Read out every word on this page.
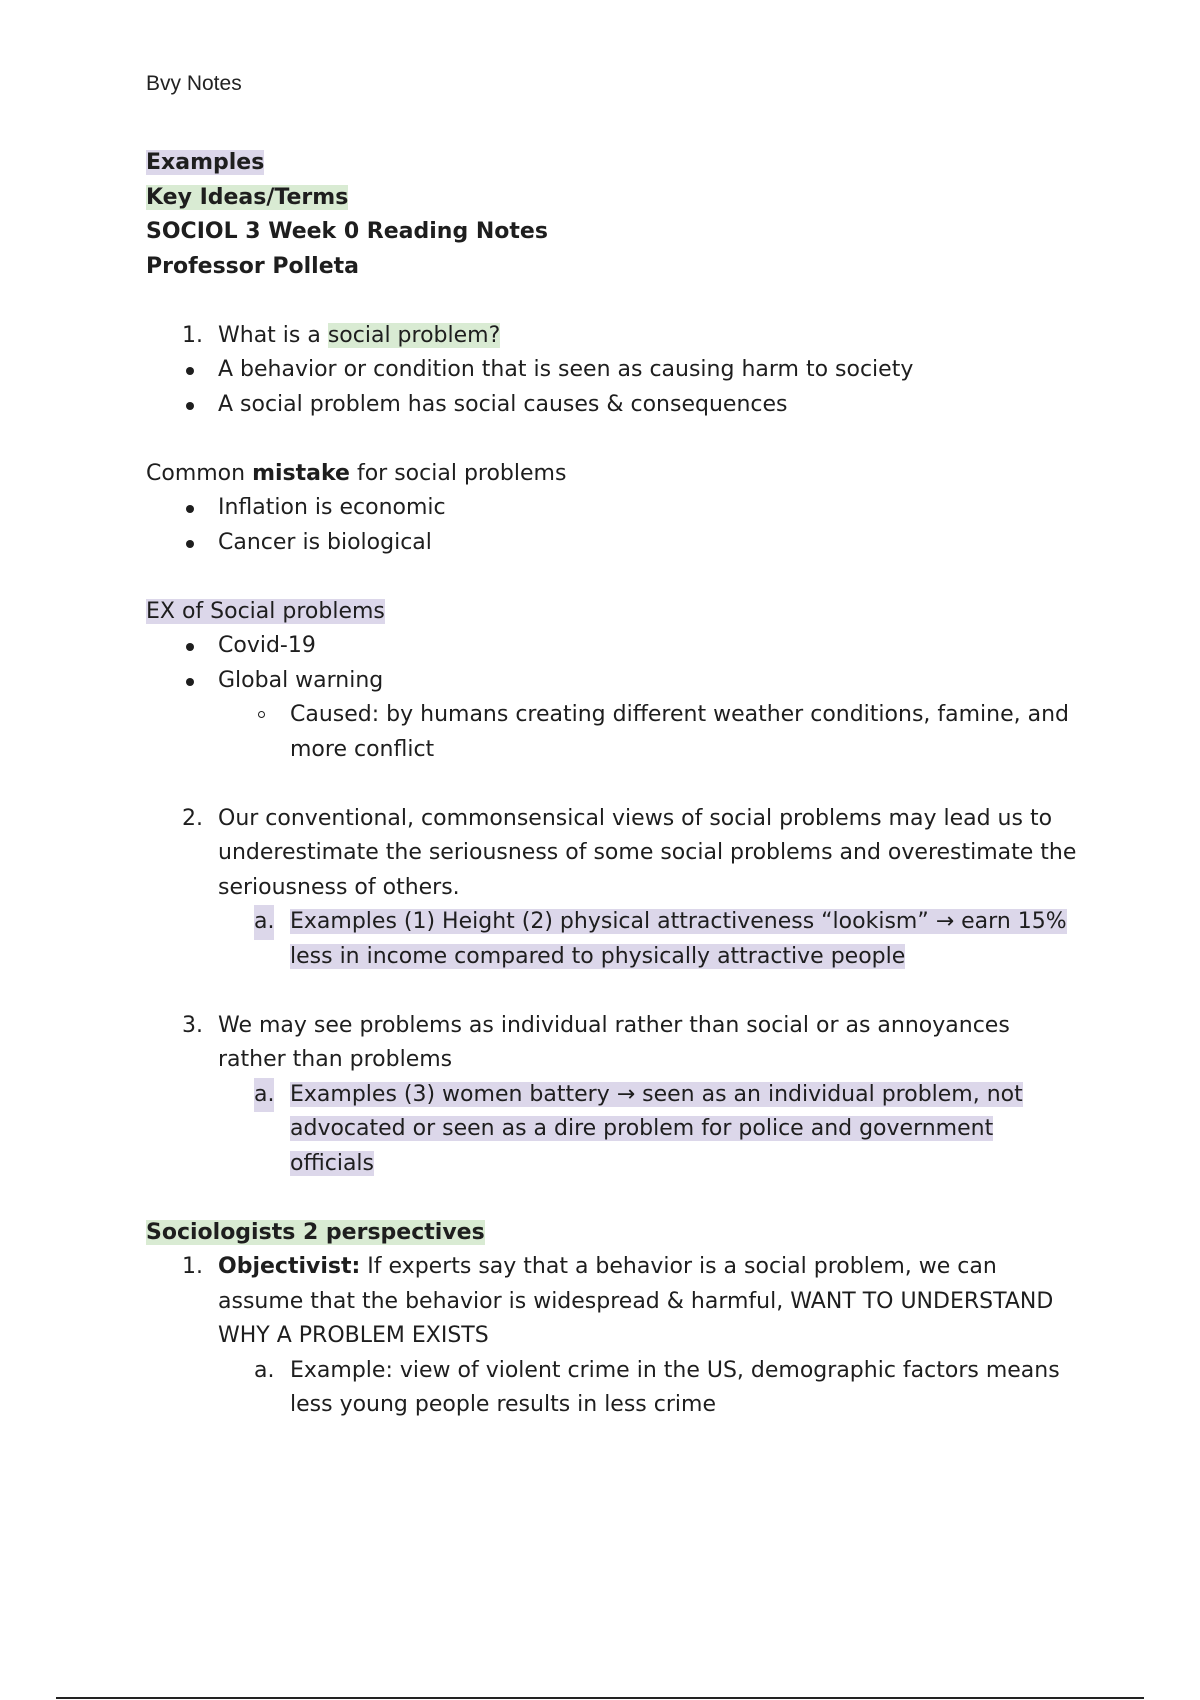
Bvy Notes
Examples
Key Ideas/Terms
SOCIOL 3 Week 0 Reading Notes
Professor Polleta
1. What is a social problem?
A behavior or condition that is seen as causing harm to society
A social problem has social causes & consequences
Common mistake for social problems
Inflation is economic
Cancer is biological
EX of Social problems
Covid-19
Global warning
Caused: by humans creating different weather conditions, famine, and more conflict
2. Our conventional, commonsensical views of social problems may lead us to underestimate the seriousness of some social problems and overestimate the seriousness of others.
a. Examples (1) Height (2) physical attractiveness “lookism” → earn 15% less in income compared to physically attractive people
3. We may see problems as individual rather than social or as annoyances rather than problems
a. Examples (3) women battery → seen as an individual problem, not advocated or seen as a dire problem for police and government officials
Sociologists 2 perspectives
1. Objectivist: If experts say that a behavior is a social problem, we can assume that the behavior is widespread & harmful, WANT TO UNDERSTAND WHY A PROBLEM EXISTS
a. Example: view of violent crime in the US, demographic factors means less young people results in less crime
